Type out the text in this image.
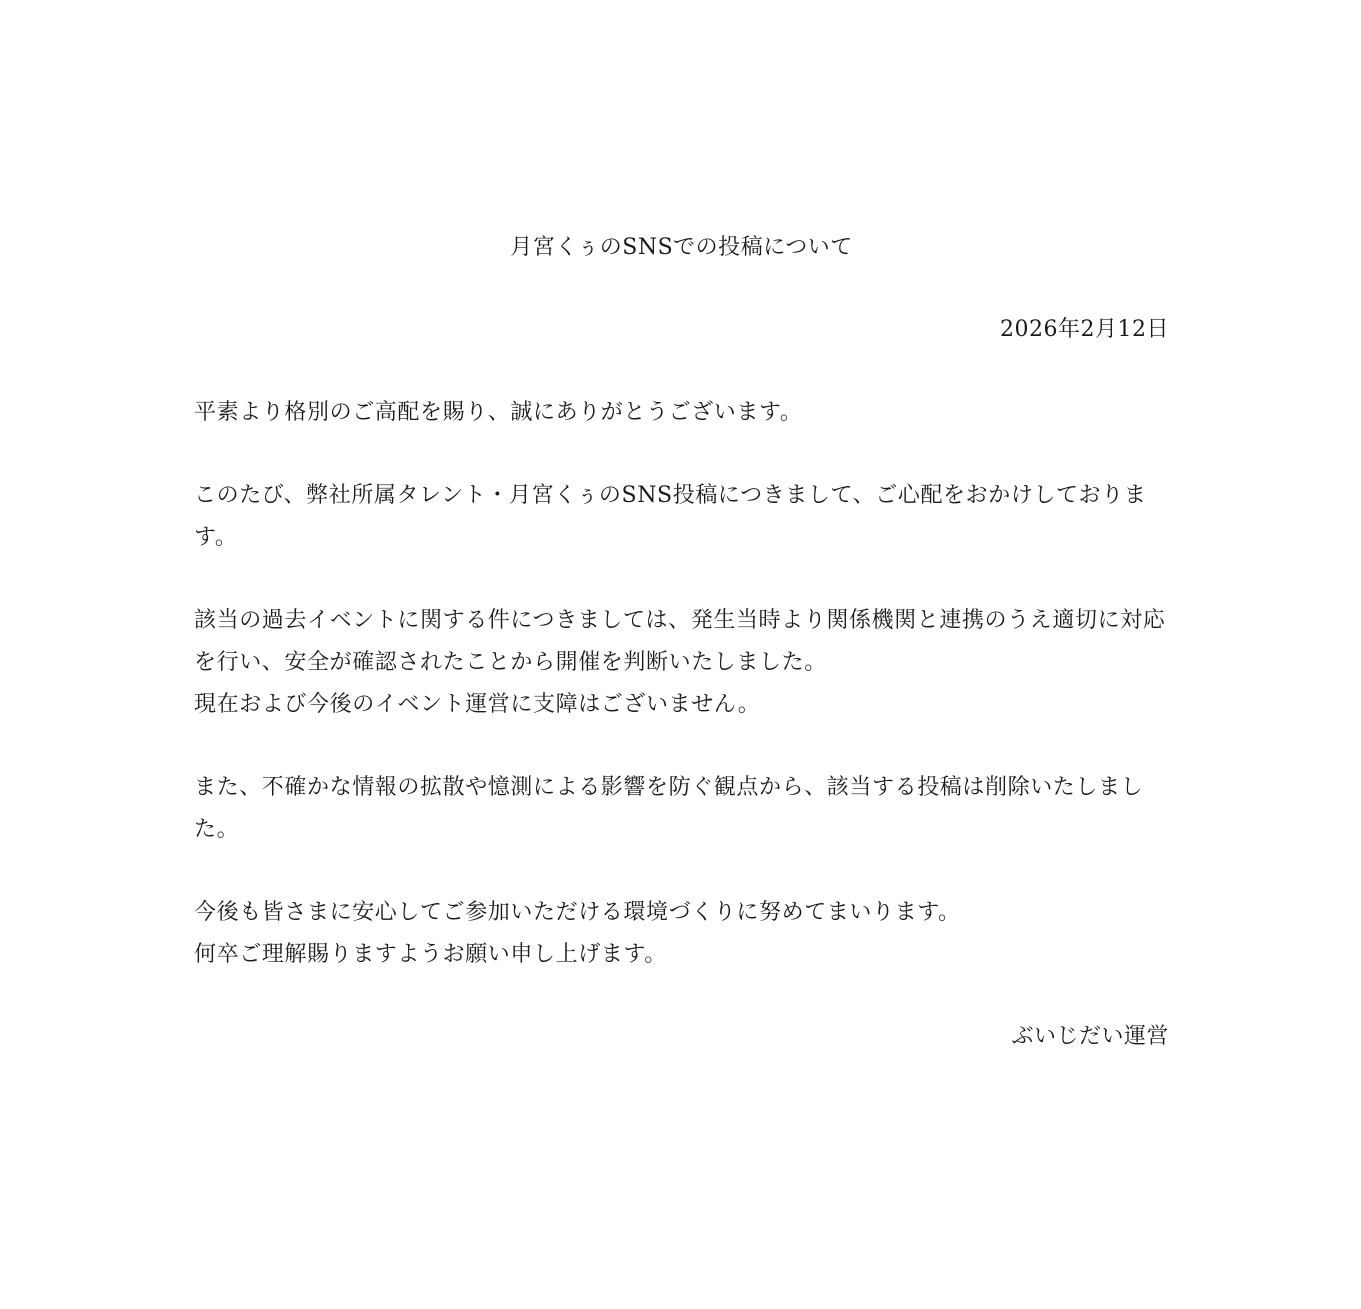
月宮くぅのSNSでの投稿について

2026年2月12日

平素より格別のご高配を賜り、誠にありがとうございます。

このたび、弊社所属タレント・月宮くぅのSNS投稿につきまして、ご心配をおかけしております。

該当の過去イベントに関する件につきましては、発生当時より関係機関と連携のうえ適切に対応を行い、安全が確認されたことから開催を判断いたしました。
現在および今後のイベント運営に支障はございません。

また、不確かな情報の拡散や憶測による影響を防ぐ観点から、該当する投稿は削除いたしました。

今後も皆さまに安心してご参加いただける環境づくりに努めてまいります。
何卒ご理解賜りますようお願い申し上げます。

ぶいじだい運営
